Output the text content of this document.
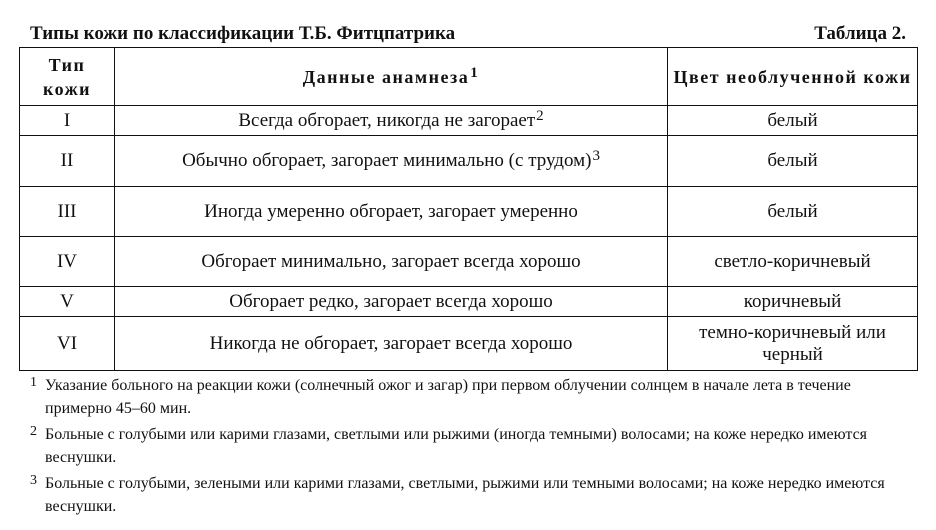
Типы кожи по классификации Т.Б. Фитцпатрика	Таблица 2.
Тип кожи	Данные анамнеза$^1$	Цвет необлученной кожи
I	Всегда обгорает, никогда не загорает$^2$	белый
II	Обычно обгорает, загорает минимально (с трудом)$^3$	белый
III	Иногда умеренно обгорает, загорает умеренно	белый
IV	Обгорает минимально, загорает всегда хорошо	светло-коричневый
V	Обгорает редко, загорает всегда хорошо	коричневый
VI	Никогда не обгорает, загорает всегда хорошо	темно-коричневый или черный
1 Указание больного на реакции кожи (солнечный ожог и загар) при первом облучении солнцем в начале лета в течение примерно 45–60 мин.
2 Больные с голубыми или карими глазами, светлыми или рыжими (иногда темными) волосами; на коже нередко имеются веснушки.
3 Больные с голубыми, зелеными или карими глазами, светлыми, рыжими или темными волосами; на коже нередко имеются веснушки.
